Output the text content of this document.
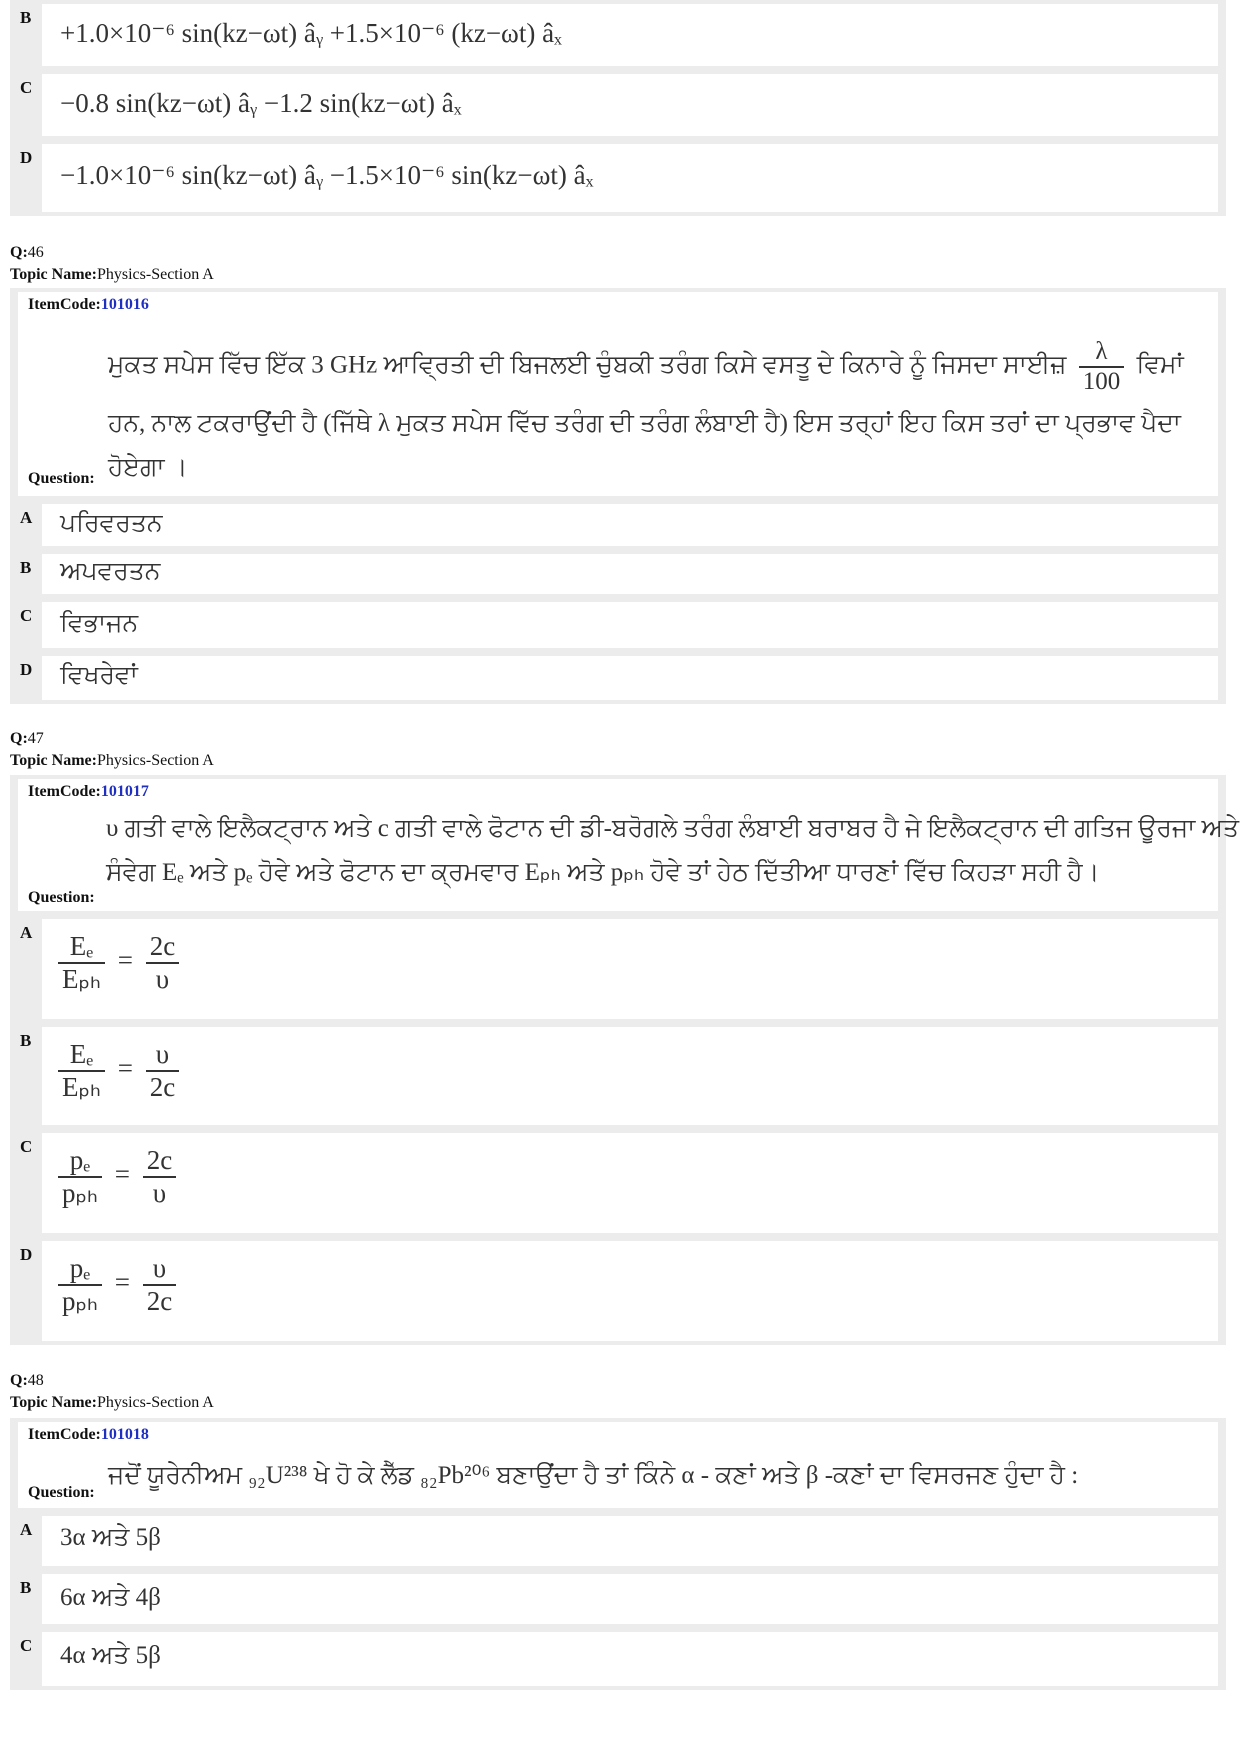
B
+1.0×10⁻⁶ sin(kz−ωt) âᵧ +1.5×10⁻⁶ (kz−ωt) âₓ
C
−0.8 sin(kz−ωt) âᵧ −1.2 sin(kz−ωt) âₓ
D
−1.0×10⁻⁶ sin(kz−ωt) âᵧ −1.5×10⁻⁶ sin(kz−ωt) âₓ
Q:46
Topic Name:Physics-Section A
ItemCode:101016
ਮੁਕਤ ਸਪੇਸ ਵਿੱਚ ਇੱਕ 3 GHz ਆਵ੍ਰਿਤੀ ਦੀ ਬਿਜਲਈ ਚੁੰਬਕੀ ਤਰੰਗ ਕਿਸੇ ਵਸਤੂ ਦੇ ਕਿਨਾਰੇ ਨੂੰ ਜਿਸਦਾ ਸਾਈਜ਼ $\frac{\lambda}{100}$ ਵਿਮਾਂ
ਹਨ, ਨਾਲ ਟਕਰਾਉਂਦੀ ਹੈ (ਜਿੱਥੇ λ ਮੁਕਤ ਸਪੇਸ ਵਿੱਚ ਤਰੰਗ ਦੀ ਤਰੰਗ ਲੰਬਾਈ ਹੈ) ਇਸ ਤਰ੍ਹਾਂ ਇਹ ਕਿਸ ਤਰਾਂ ਦਾ ਪ੍ਰਭਾਵ ਪੈਦਾ
ਹੋਏਗਾ ।
Question:
A ਪਰਿਵਰਤਨ
B ਅਪਵਰਤਨ
C ਵਿਭਾਜਨ
D ਵਿਖਰੇਵਾਂ
Q:47
Topic Name:Physics-Section A
ItemCode:101017
υ ਗਤੀ ਵਾਲੇ ਇਲੈਕਟ੍ਰਾਨ ਅਤੇ c ਗਤੀ ਵਾਲੇ ਫੋਟਾਨ ਦੀ ਡੀ-ਬਰੋਗਲੇ ਤਰੰਗ ਲੰਬਾਈ ਬਰਾਬਰ ਹੈ ਜੇ ਇਲੈਕਟ੍ਰਾਨ ਦੀ ਗਤਿਜ ਊਰਜਾ ਅਤੇ
ਸੰਵੇਗ Eₑ ਅਤੇ pₑ ਹੋਵੇ ਅਤੇ ਫੋਟਾਨ ਦਾ ਕ੍ਰਮਵਾਰ Eₚₕ ਅਤੇ pₚₕ ਹੋਵੇ ਤਾਂ ਹੇਠ ਦਿੱਤੀਆ ਧਾਰਣਾਂ ਵਿੱਚ ਕਿਹੜਾ ਸਹੀ ਹੈ।
Question:
A $\frac{\text{Eₑ}}{\text{Eₚₕ}} = \frac{2c}{\upsilon}$
B $\frac{\text{Eₑ}}{\text{Eₚₕ}} = \frac{\upsilon}{2c}$
C $\frac{\text{pₑ}}{\text{pₚₕ}} = \frac{2c}{\upsilon}$
D $\frac{\text{pₑ}}{\text{pₚₕ}} = \frac{\upsilon}{2c}$
Q:48
Topic Name:Physics-Section A
ItemCode:101018
ਜਦੋਂ ਯੂਰੇਨੀਅਮ ₉₂U²³⁸ ਖੇ ਹੋ ਕੇ ਲੈੱਡ ₈₂Pb²⁰⁶ ਬਣਾਉਂਦਾ ਹੈ ਤਾਂ ਕਿੰਨੇ α - ਕਣਾਂ ਅਤੇ β -ਕਣਾਂ ਦਾ ਵਿਸਰਜਣ ਹੁੰਦਾ ਹੈ :
Question:
A 3α ਅਤੇ 5β
B 6α ਅਤੇ 4β
C 4α ਅਤੇ 5β
